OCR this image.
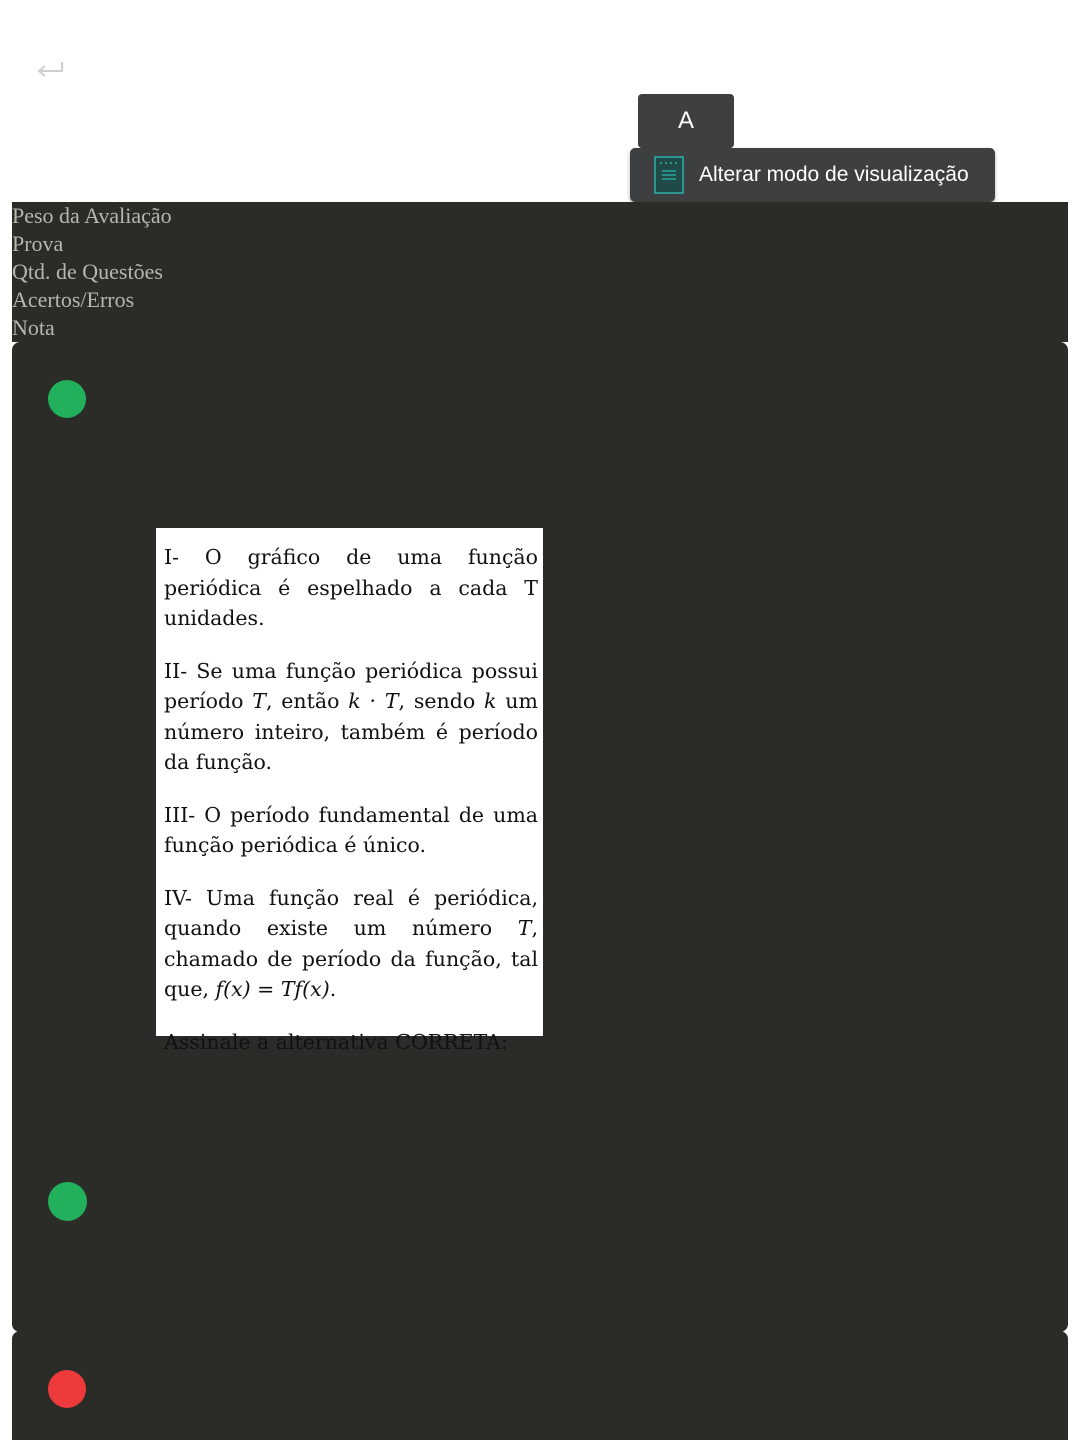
A
Alterar modo de visualização
Peso da Avaliação
Prova
Qtd. de Questões
Acertos/Erros
Nota

I- O gráfico de uma função periódica é espelhado a cada T unidades.

II- Se uma função periódica possui período T, então k · T, sendo k um número inteiro, também é período da função.

III- O período fundamental de uma função periódica é único.

IV- Uma função real é periódica, quando existe um número T, chamado de período da função, tal que, f(x) = Tf(x).

Assinale a alternativa CORRETA:
